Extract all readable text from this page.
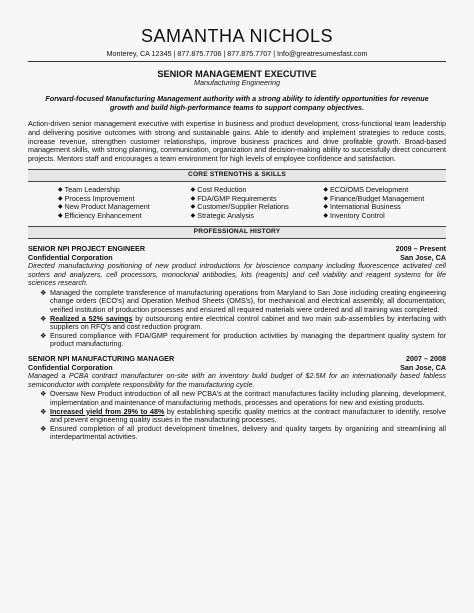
SAMANTHA NICHOLS
Monterey, CA 12345 | 877.875.7706 | 877.875.7707 | Info@greatresumesfast.com
SENIOR MANAGEMENT EXECUTIVE
Manufacturing Engineering
Forward-focused Manufacturing Management authority with a strong ability to identify opportunities for revenue growth and build high-performance teams to support company objectives.
Action-driven senior management executive with expertise in business and product development, cross-functional team leadership and delivering positive outcomes with strong and sustainable gains. Able to identify and implement strategies to reduce costs, increase revenue, strengthen customer relationships, improve business practices and drive profitable growth. Broad-based management skills, with strong planning, communication, organization and decision-making ability to successfully direct concurrent projects. Mentors staff and encourages a team environment for high levels of employee confidence and satisfaction.
CORE STRENGTHS & SKILLS
◆ Team Leadership	◆ Cost Reduction	◆ ECO/OMS Development
◆ Process Improvement	◆ FDA/GMP Requirements	◆ Finance/Budget Management
◆ New Product Management	◆ Customer/Supplier Relations	◆ International Business
◆ Efficiency Enhancement	◆ Strategic Analysis	◆ Inventory Control
PROFESSIONAL HISTORY
SENIOR NPI PROJECT ENGINEER	2009 – Present
Confidential Corporation	San Jose, CA
Directed manufacturing positioning of new product introductions for bioscience company including fluorescence activated cell sorters and analyzers, cell processors, monoclonal antibodies, kits (reagents) and cell viability and reagent systems for life sciences research.
❖ Managed the complete transference of manufacturing operations from Maryland to San Jose including creating engineering change orders (ECO's) and Operation Method Sheets (OMS's), for mechanical and electrical assembly, all documentation, verified institution of production processes and ensured all required materials were ordered and all training was completed.
❖ Realized a 52% savings by outsourcing entire electrical control cabinet and two main sub-assemblies by interfacing with suppliers on RFQ's and cost reduction program.
❖ Ensured compliance with FDA/GMP requirement for production activities by managing the department quality system for product manufacturing.
SENIOR NPI MANUFACTURING MANAGER	2007 – 2008
Confidential Corporation	San Jose, CA
Managed a PCBA contract manufacturer on-site with an inventory build budget of $2.5M for an internationally based fabless semiconductor with complete responsibility for the manufacturing cycle.
❖ Oversaw New Product introduction of all new PCBA's at the contract manufactures facility including planning, development, implementation and maintenance of manufacturing methods, processes and operations for new and existing products.
❖ Increased yield from 29% to 48% by establishing specific quality metrics at the contract manufacturer to identify, resolve and prevent engineering quality issues in the manufacturing processes.
❖ Ensured completion of all product development timelines, delivery and quality targets by organizing and streamlining all interdepartmental activities.
